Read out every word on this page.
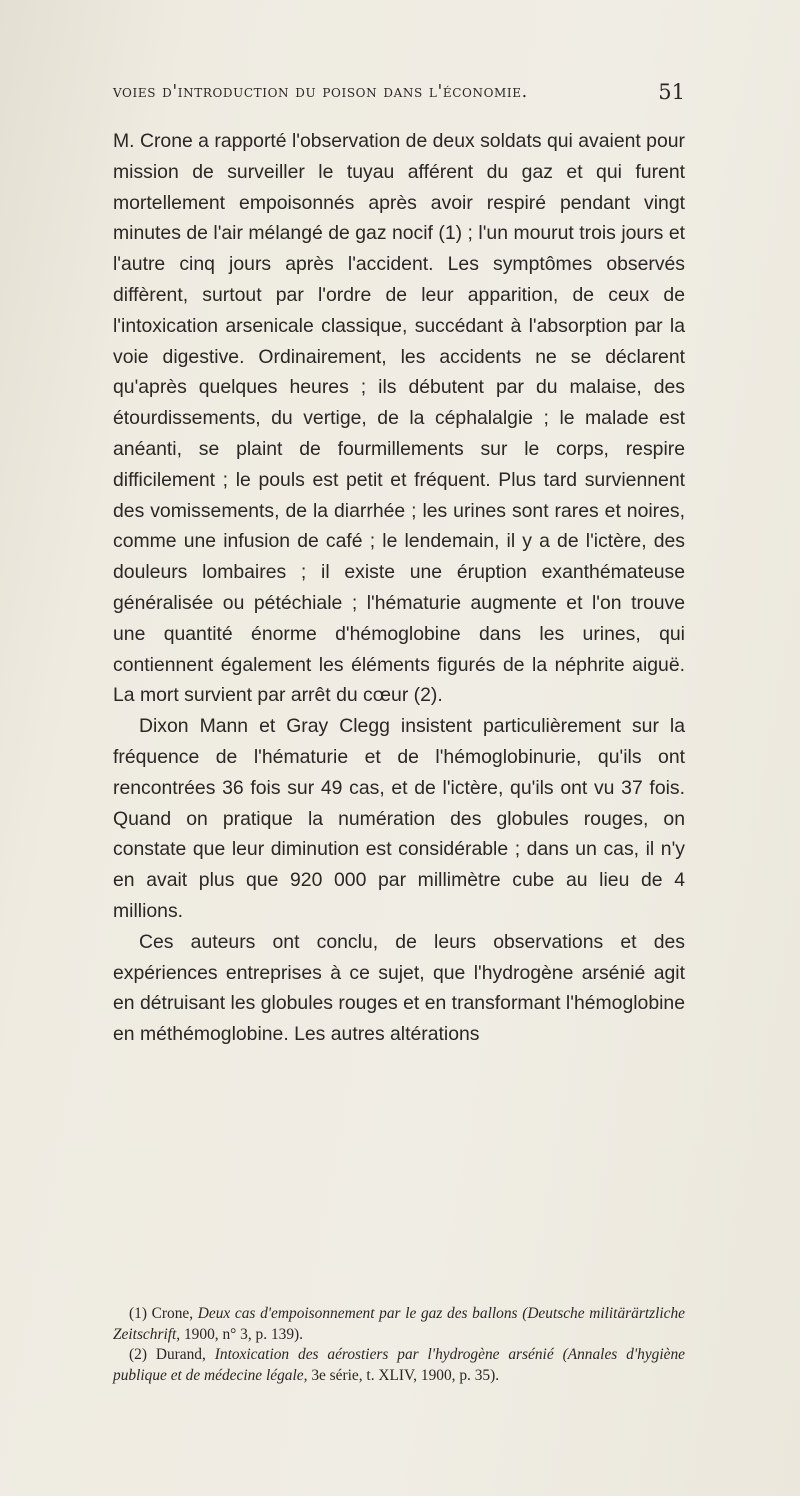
voies d'introduction du poison dans l'économie.	51

M. Crone a rapporté l'observation de deux soldats qui avaient pour mission de surveiller le tuyau afférent du gaz et qui furent mortellement empoisonnés après avoir respiré pendant vingt minutes de l'air mélangé de gaz nocif (1) ; l'un mourut trois jours et l'autre cinq jours après l'accident. Les symptômes observés diffèrent, surtout par l'ordre de leur apparition, de ceux de l'intoxication arsenicale classique, succédant à l'absorption par la voie digestive. Ordinairement, les accidents ne se déclarent qu'après quelques heures ; ils débutent par du malaise, des étourdissements, du vertige, de la céphalalgie ; le malade est anéanti, se plaint de fourmillements sur le corps, respire difficilement ; le pouls est petit et fréquent. Plus tard surviennent des vomissements, de la diarrhée ; les urines sont rares et noires, comme une infusion de café ; le lendemain, il y a de l'ictère, des douleurs lombaires ; il existe une éruption exanthémateuse généralisée ou pétéchiale ; l'hématurie augmente et l'on trouve une quantité énorme d'hémoglobine dans les urines, qui contiennent également les éléments figurés de la néphrite aiguë. La mort survient par arrêt du cœur (2).

Dixon Mann et Gray Clegg insistent particulièrement sur la fréquence de l'hématurie et de l'hémoglobinurie, qu'ils ont rencontrées 36 fois sur 49 cas, et de l'ictère, qu'ils ont vu 37 fois. Quand on pratique la numération des globules rouges, on constate que leur diminution est considérable ; dans un cas, il n'y en avait plus que 920 000 par millimètre cube au lieu de 4 millions.

Ces auteurs ont conclu, de leurs observations et des expériences entreprises à ce sujet, que l'hydrogène arsénié agit en détruisant les globules rouges et en transformant l'hémoglobine en méthémoglobine. Les autres altérations

(1) Crone, Deux cas d'empoisonnement par le gaz des ballons (Deutsche militärärtzliche Zeitschrift, 1900, n° 3, p. 139).

(2) Durand, Intoxication des aérostiers par l'hydrogène arsénié (Annales d'hygiène publique et de médecine légale, 3e série, t. XLIV, 1900, p. 35).
